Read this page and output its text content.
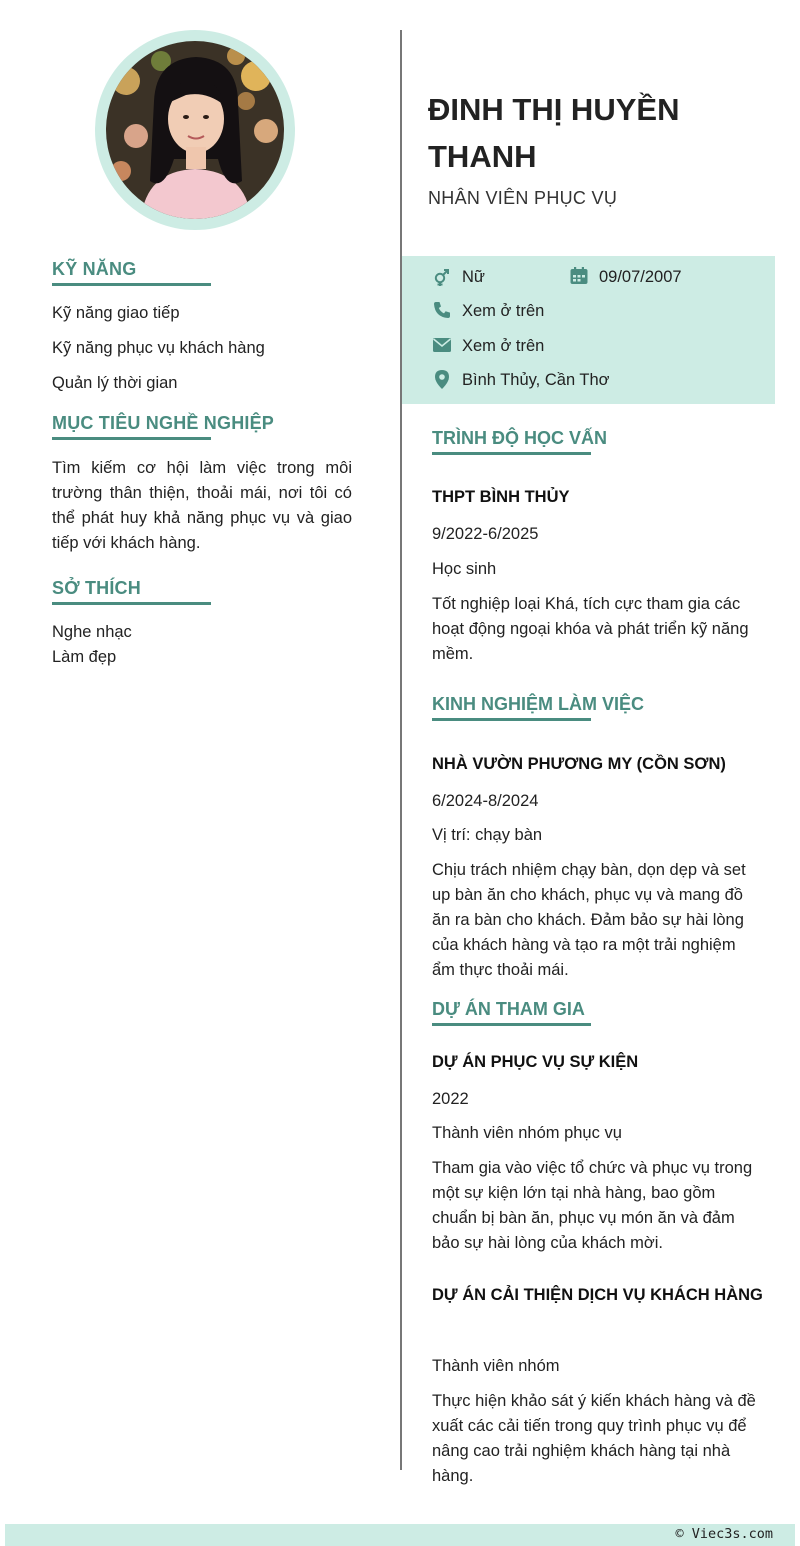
KỸ NĂNG
Kỹ năng giao tiếp
Kỹ năng phục vụ khách hàng
Quản lý thời gian
MỤC TIÊU NGHỀ NGHIỆP
Tìm kiếm cơ hội làm việc trong môi trường thân thiện, thoải mái, nơi tôi có thể phát huy khả năng phục vụ và giao tiếp với khách hàng.
SỞ THÍCH
Nghe nhạc
Làm đẹp
ĐINH THỊ HUYỀN THANH
NHÂN VIÊN PHỤC VỤ
Nữ	09/07/2007
Xem ở trên
Xem ở trên
Bình Thủy, Cần Thơ
TRÌNH ĐỘ HỌC VẤN
THPT BÌNH THỦY
9/2022-6/2025
Học sinh
Tốt nghiệp loại Khá, tích cực tham gia các hoạt động ngoại khóa và phát triển kỹ năng mềm.
KINH NGHIỆM LÀM VIỆC
NHÀ VƯỜN PHƯƠNG MY (CỒN SƠN)
6/2024-8/2024
Vị trí: chạy bàn
Chịu trách nhiệm chạy bàn, dọn dẹp và set up bàn ăn cho khách, phục vụ và mang đồ ăn ra bàn cho khách. Đảm bảo sự hài lòng của khách hàng và tạo ra một trải nghiệm ẩm thực thoải mái.
DỰ ÁN THAM GIA
DỰ ÁN PHỤC VỤ SỰ KIỆN
2022
Thành viên nhóm phục vụ
Tham gia vào việc tổ chức và phục vụ trong một sự kiện lớn tại nhà hàng, bao gồm chuẩn bị bàn ăn, phục vụ món ăn và đảm bảo sự hài lòng của khách mời.
DỰ ÁN CẢI THIỆN DỊCH VỤ KHÁCH HÀNG
Thành viên nhóm
Thực hiện khảo sát ý kiến khách hàng và đề xuất các cải tiến trong quy trình phục vụ để nâng cao trải nghiệm khách hàng tại nhà hàng.
© Viec3s.com
